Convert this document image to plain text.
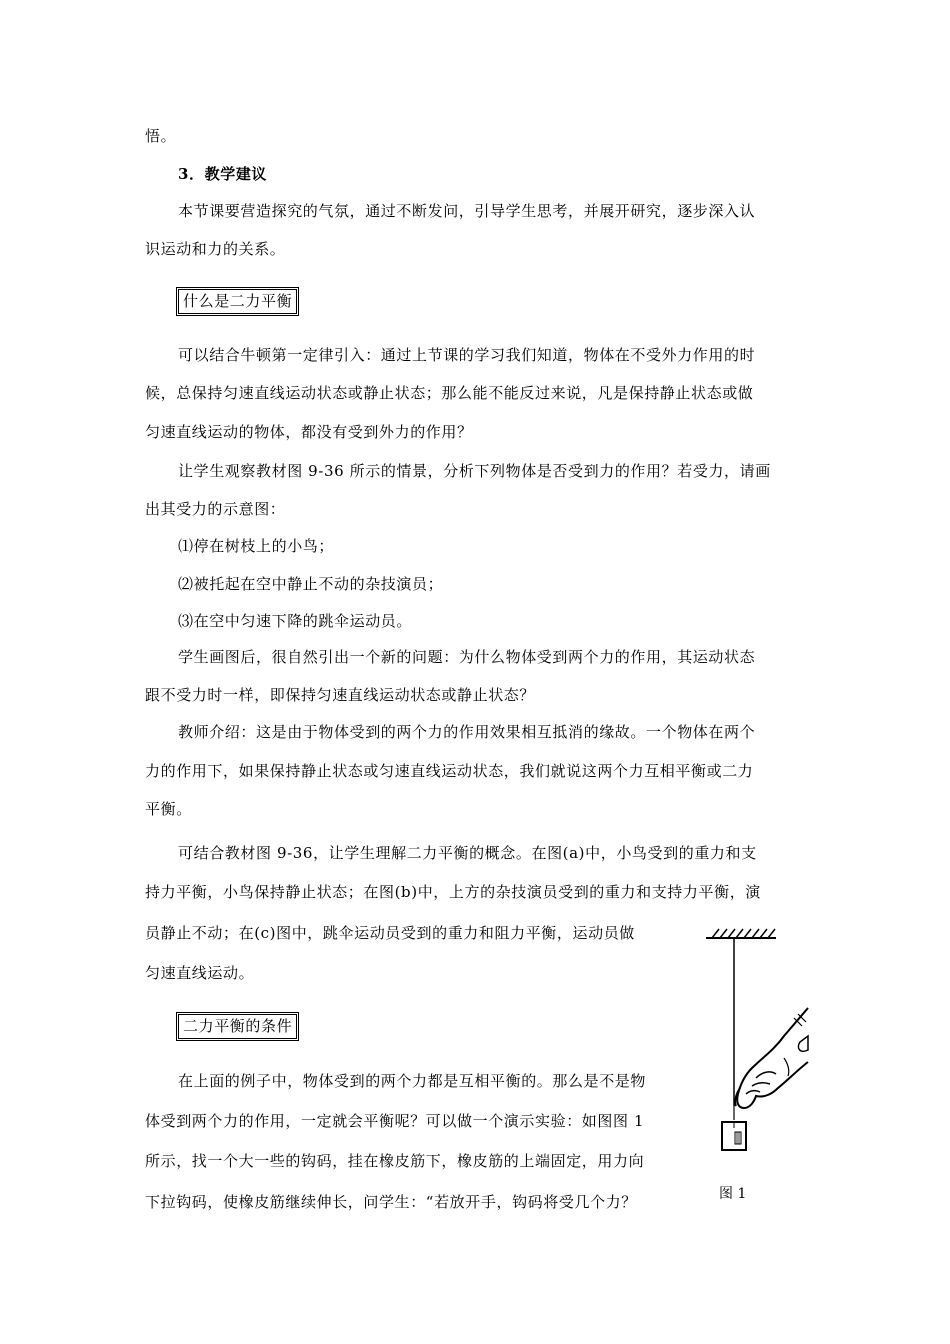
悟。
3．教学建议
本节课要营造探究的气氛，通过不断发问，引导学生思考，并展开研究，逐步深入认
识运动和力的关系。
什么是二力平衡
可以结合牛顿第一定律引入：通过上节课的学习我们知道，物体在不受外力作用的时
候，总保持匀速直线运动状态或静止状态；那么能不能反过来说，凡是保持静止状态或做
匀速直线运动的物体，都没有受到外力的作用？
让学生观察教材图 9-36 所示的情景，分析下列物体是否受到力的作用？若受力，请画
出其受力的示意图：
⑴停在树枝上的小鸟；
⑵被托起在空中静止不动的杂技演员；
⑶在空中匀速下降的跳伞运动员。
学生画图后，很自然引出一个新的问题：为什么物体受到两个力的作用，其运动状态
跟不受力时一样，即保持匀速直线运动状态或静止状态？
教师介绍：这是由于物体受到的两个力的作用效果相互抵消的缘故。一个物体在两个
力的作用下，如果保持静止状态或匀速直线运动状态，我们就说这两个力互相平衡或二力
平衡。
可结合教材图 9-36，让学生理解二力平衡的概念。在图(a)中，小鸟受到的重力和支
持力平衡，小鸟保持静止状态；在图(b)中，上方的杂技演员受到的重力和支持力平衡，演
员静止不动；在(c)图中，跳伞运动员受到的重力和阻力平衡，运动员做
匀速直线运动。
二力平衡的条件
在上面的例子中，物体受到的两个力都是互相平衡的。那么是不是物
体受到两个力的作用，一定就会平衡呢？可以做一个演示实验：如图图 1
所示，找一个大一些的钩码，挂在橡皮筋下，橡皮筋的上端固定，用力向
下拉钩码，使橡皮筋继续伸长，问学生：“若放开手，钩码将受几个力？	图 1
